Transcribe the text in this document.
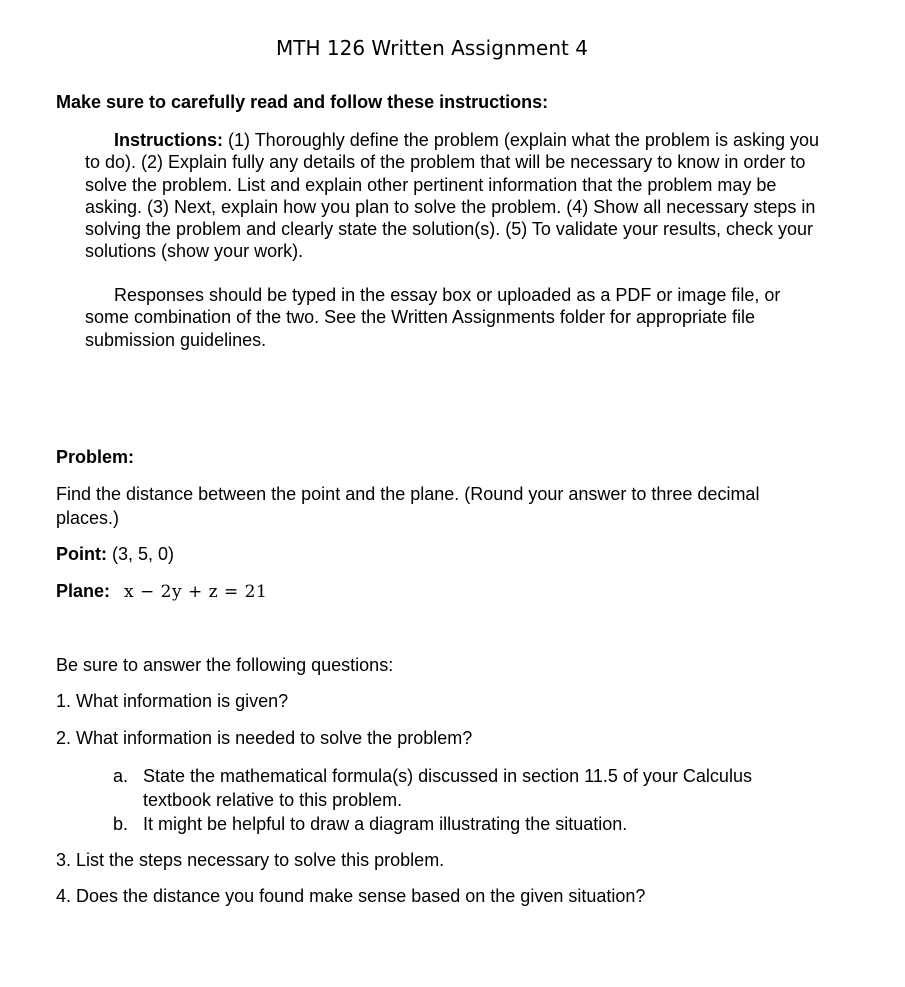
MTH 126 Written Assignment 4
Make sure to carefully read and follow these instructions:
Instructions: (1) Thoroughly define the problem (explain what the problem is asking you to do). (2) Explain fully any details of the problem that will be necessary to know in order to solve the problem. List and explain other pertinent information that the problem may be asking. (3) Next, explain how you plan to solve the problem. (4) Show all necessary steps in solving the problem and clearly state the solution(s). (5) To validate your results, check your solutions (show your work).
Responses should be typed in the essay box or uploaded as a PDF or image file, or some combination of the two. See the Written Assignments folder for appropriate file submission guidelines.
Problem:
Find the distance between the point and the plane. (Round your answer to three decimal places.)
Point: (3, 5, 0)
Plane: x − 2y + z = 21
Be sure to answer the following questions:
1. What information is given?
2. What information is needed to solve the problem?
a. State the mathematical formula(s) discussed in section 11.5 of your Calculus textbook relative to this problem.
b. It might be helpful to draw a diagram illustrating the situation.
3. List the steps necessary to solve this problem.
4. Does the distance you found make sense based on the given situation?
